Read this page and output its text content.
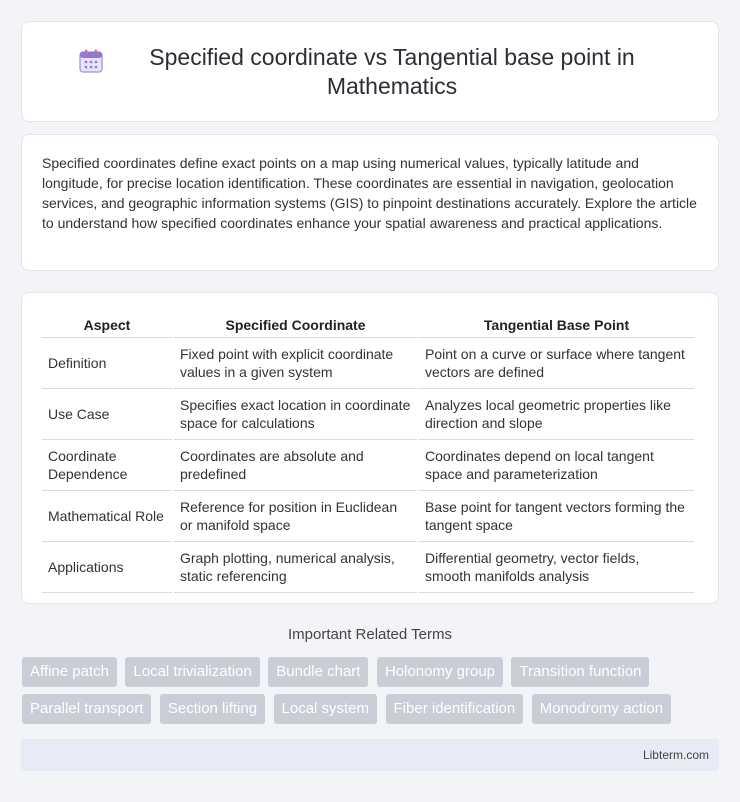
Specified coordinate vs Tangential base point in Mathematics

Specified coordinates define exact points on a map using numerical values, typically latitude and longitude, for precise location identification. These coordinates are essential in navigation, geolocation services, and geographic information systems (GIS) to pinpoint destinations accurately. Explore the article to understand how specified coordinates enhance your spatial awareness and practical applications.

Aspect	Specified Coordinate	Tangential Base Point
Definition	Fixed point with explicit coordinate values in a given system	Point on a curve or surface where tangent vectors are defined
Use Case	Specifies exact location in coordinate space for calculations	Analyzes local geometric properties like direction and slope
Coordinate Dependence	Coordinates are absolute and predefined	Coordinates depend on local tangent space and parameterization
Mathematical Role	Reference for position in Euclidean or manifold space	Base point for tangent vectors forming the tangent space
Applications	Graph plotting, numerical analysis, static referencing	Differential geometry, vector fields, smooth manifolds analysis
Important Related Terms
Affine patch Local trivialization Bundle chart Holonomy group Transition function Parallel transport Section lifting Local system Fiber identification Monodromy action
Libterm.com
